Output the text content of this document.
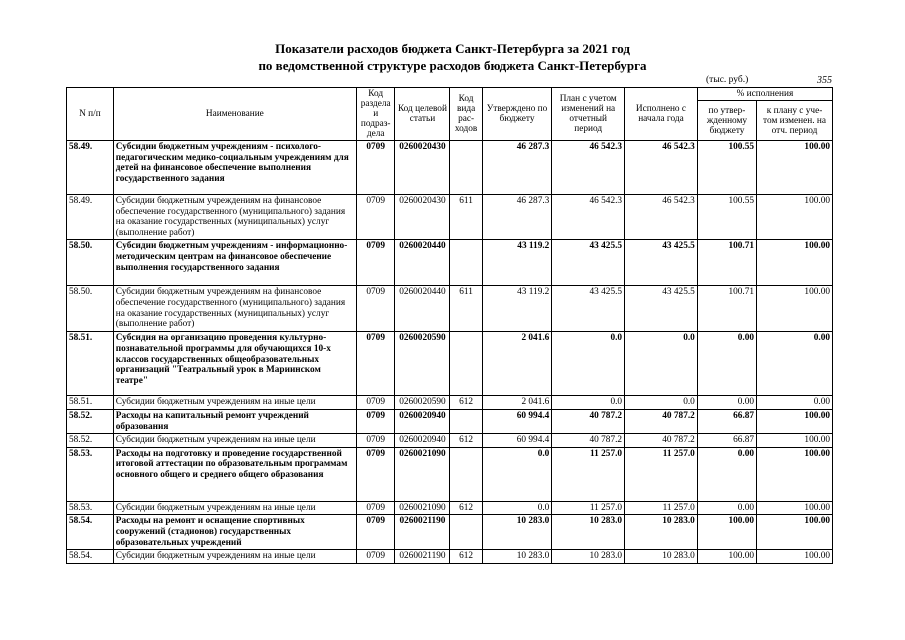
Показатели расходов бюджета Санкт-Петербурга за 2021 год
по ведомственной структуре расходов бюджета Санкт-Петербурга
(тыс. руб.)	355
N п/п	Наименование	Код раздела и подраз- дела	Код целевой статьи	Код вида рас- ходов	Утверждено по бюджету	План с учетом изменений на отчетный период	Исполнено с начала года	% исполнения	
								по утвер- жденному бюджету	к плану с уче- том изменен. на отч. период
58.49.	Субсидии бюджетным учреждениям - психолого-педагогическим медико-социальным учреждениям для детей на финансовое обеспечение выполнения государственного задания	0709	0260020430		46 287.3	46 542.3	46 542.3	100.55	100.00
58.49.	Субсидии бюджетным учреждениям на финансовое обеспечение государственного (муниципального) задания на оказание государственных (муниципальных) услуг (выполнение работ)	0709	0260020430	611	46 287.3	46 542.3	46 542.3	100.55	100.00
58.50.	Субсидии бюджетным учреждениям - информационно-методическим центрам на финансовое обеспечение выполнения государственного задания	0709	0260020440		43 119.2	43 425.5	43 425.5	100.71	100.00
58.50.	Субсидии бюджетным учреждениям на финансовое обеспечение государственного (муниципального) задания на оказание государственных (муниципальных) услуг (выполнение работ)	0709	0260020440	611	43 119.2	43 425.5	43 425.5	100.71	100.00
58.51.	Субсидия на организацию проведения культурно-познавательной программы для обучающихся 10-х классов государственных общеобразовательных организаций "Театральный урок в Мариинском театре"	0709	0260020590		2 041.6	0.0	0.0	0.00	0.00
58.51.	Субсидии бюджетным учреждениям на иные цели	0709	0260020590	612	2 041.6	0.0	0.0	0.00	0.00
58.52.	Расходы на капитальный ремонт учреждений образования	0709	0260020940		60 994.4	40 787.2	40 787.2	66.87	100.00
58.52.	Субсидии бюджетным учреждениям на иные цели	0709	0260020940	612	60 994.4	40 787.2	40 787.2	66.87	100.00
58.53.	Расходы на подготовку и проведение государственной итоговой аттестации по образовательным программам основного общего и среднего общего образования	0709	0260021090		0.0	11 257.0	11 257.0	0.00	100.00
58.53.	Субсидии бюджетным учреждениям на иные цели	0709	0260021090	612	0.0	11 257.0	11 257.0	0.00	100.00
58.54.	Расходы на ремонт и оснащение спортивных сооружений (стадионов) государственных образовательных учреждений	0709	0260021190		10 283.0	10 283.0	10 283.0	100.00	100.00
58.54.	Субсидии бюджетным учреждениям на иные цели	0709	0260021190	612	10 283.0	10 283.0	10 283.0	100.00	100.00
